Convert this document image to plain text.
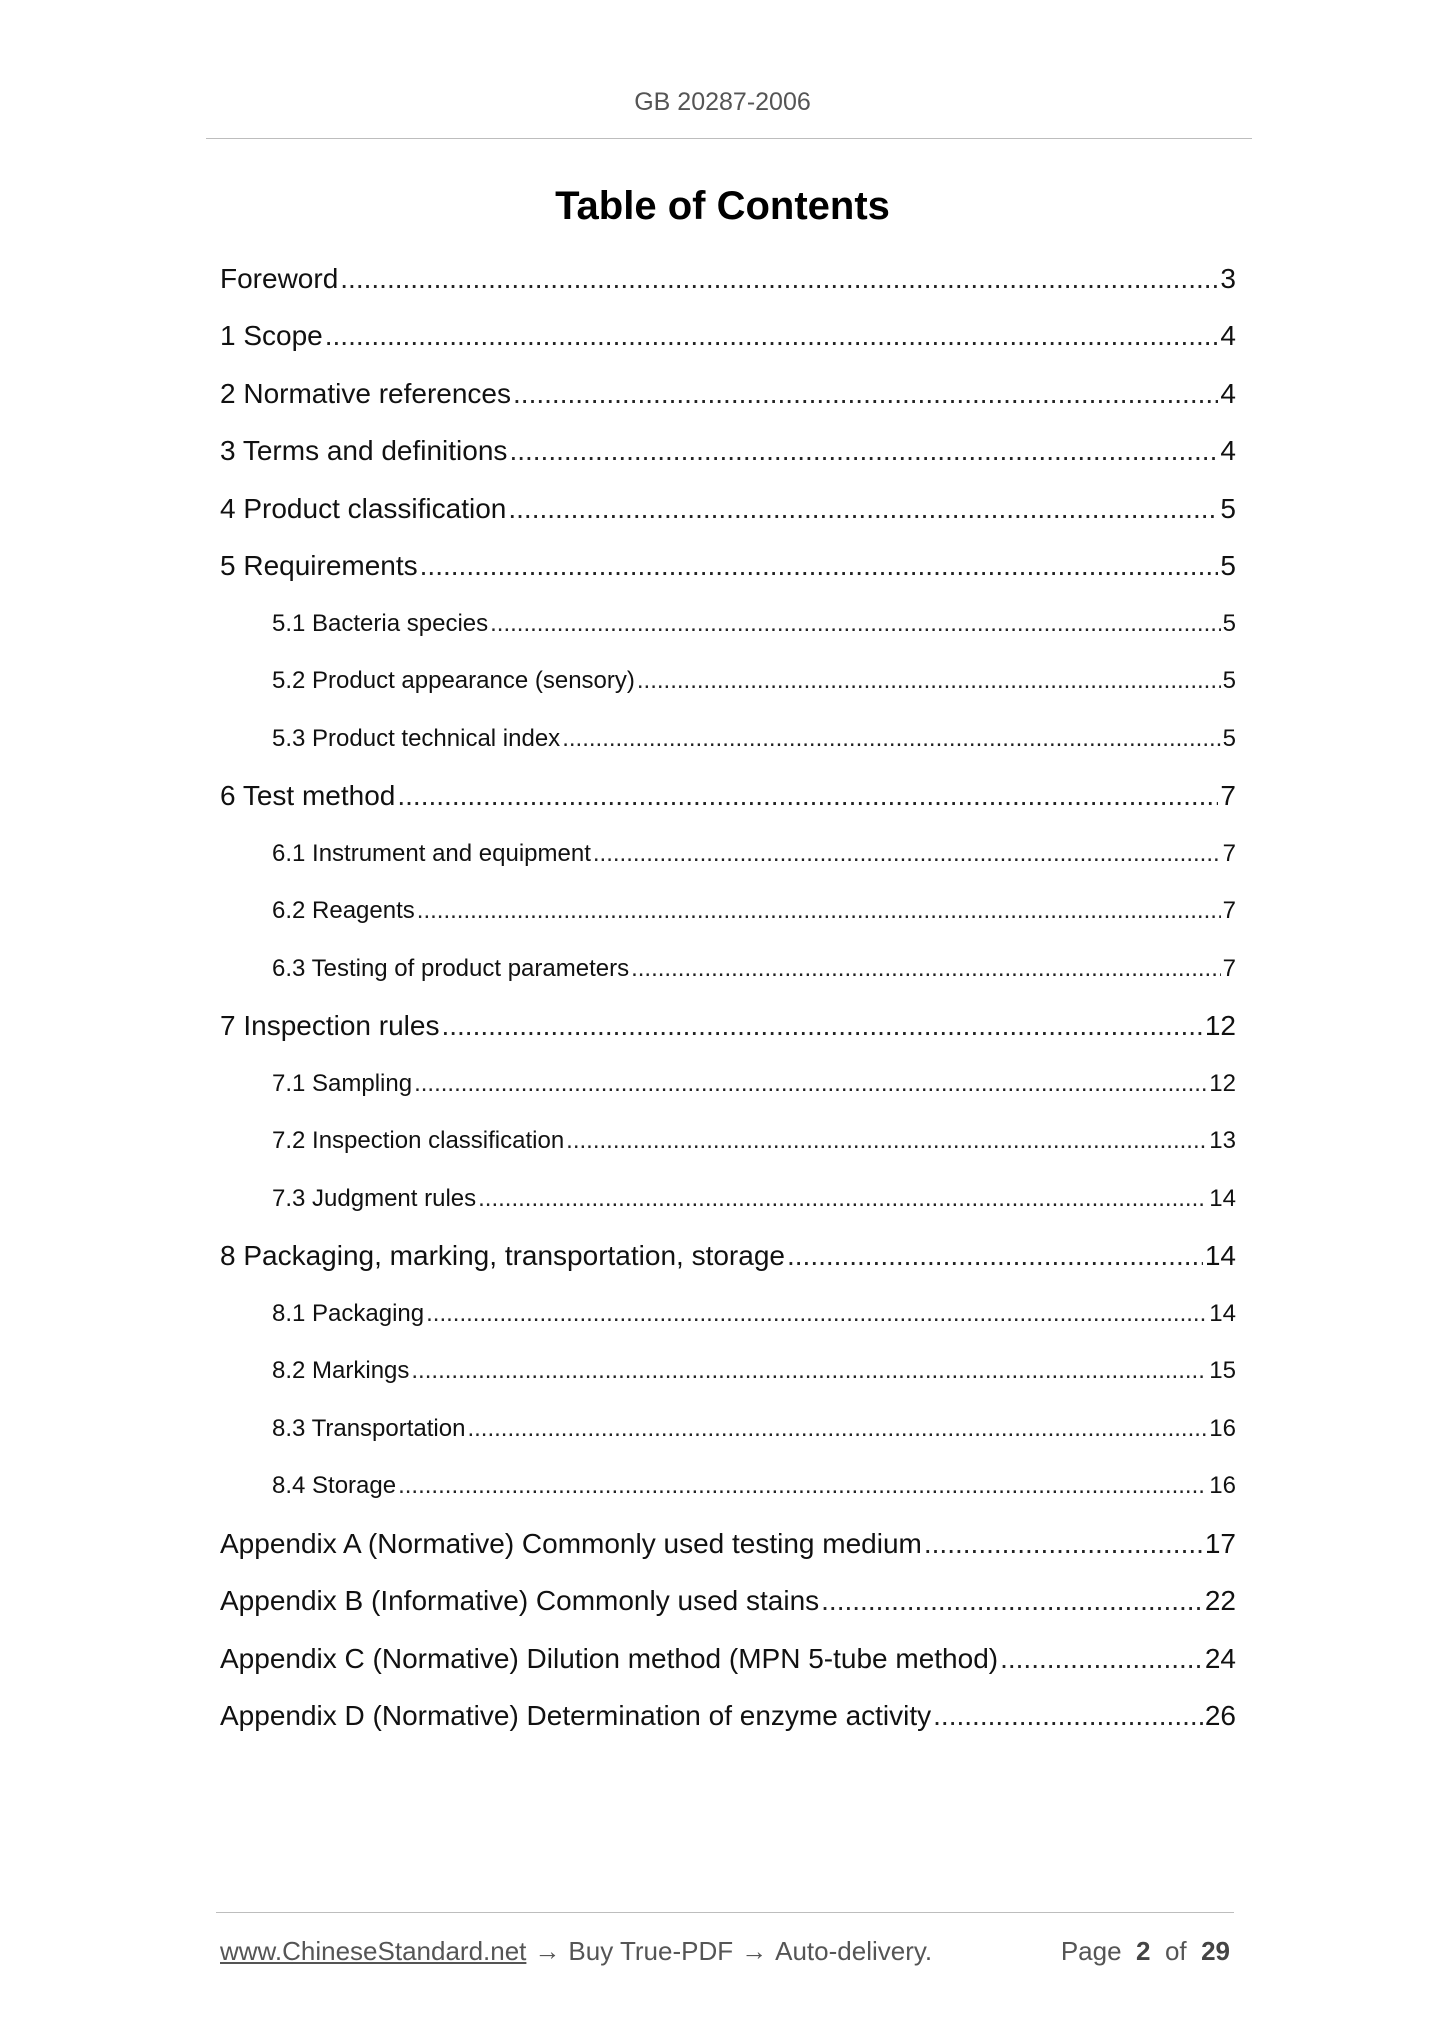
GB 20287-2006
Table of Contents
Foreword .....	3
1 Scope .....	4
2 Normative references .....	4
3 Terms and definitions .....	4
4 Product classification .....	5
5 Requirements .....	5
5.1 Bacteria species .....	5
5.2 Product appearance (sensory) .....	5
5.3 Product technical index .....	5
6 Test method .....	7
6.1 Instrument and equipment .....	7
6.2 Reagents .....	7
6.3 Testing of product parameters .....	7
7 Inspection rules .....	12
7.1 Sampling .....	12
7.2 Inspection classification .....	13
7.3 Judgment rules .....	14
8 Packaging, marking, transportation, storage .....	14
8.1 Packaging .....	14
8.2 Markings .....	15
8.3 Transportation .....	16
8.4 Storage .....	16
Appendix A (Normative) Commonly used testing medium .....	17
Appendix B (Informative) Commonly used stains .....	22
Appendix C (Normative) Dilution method (MPN 5-tube method) .....	24
Appendix D (Normative) Determination of enzyme activity .....	26
www.ChineseStandard.net → Buy True-PDF → Auto-delivery.	Page 2 of 29
